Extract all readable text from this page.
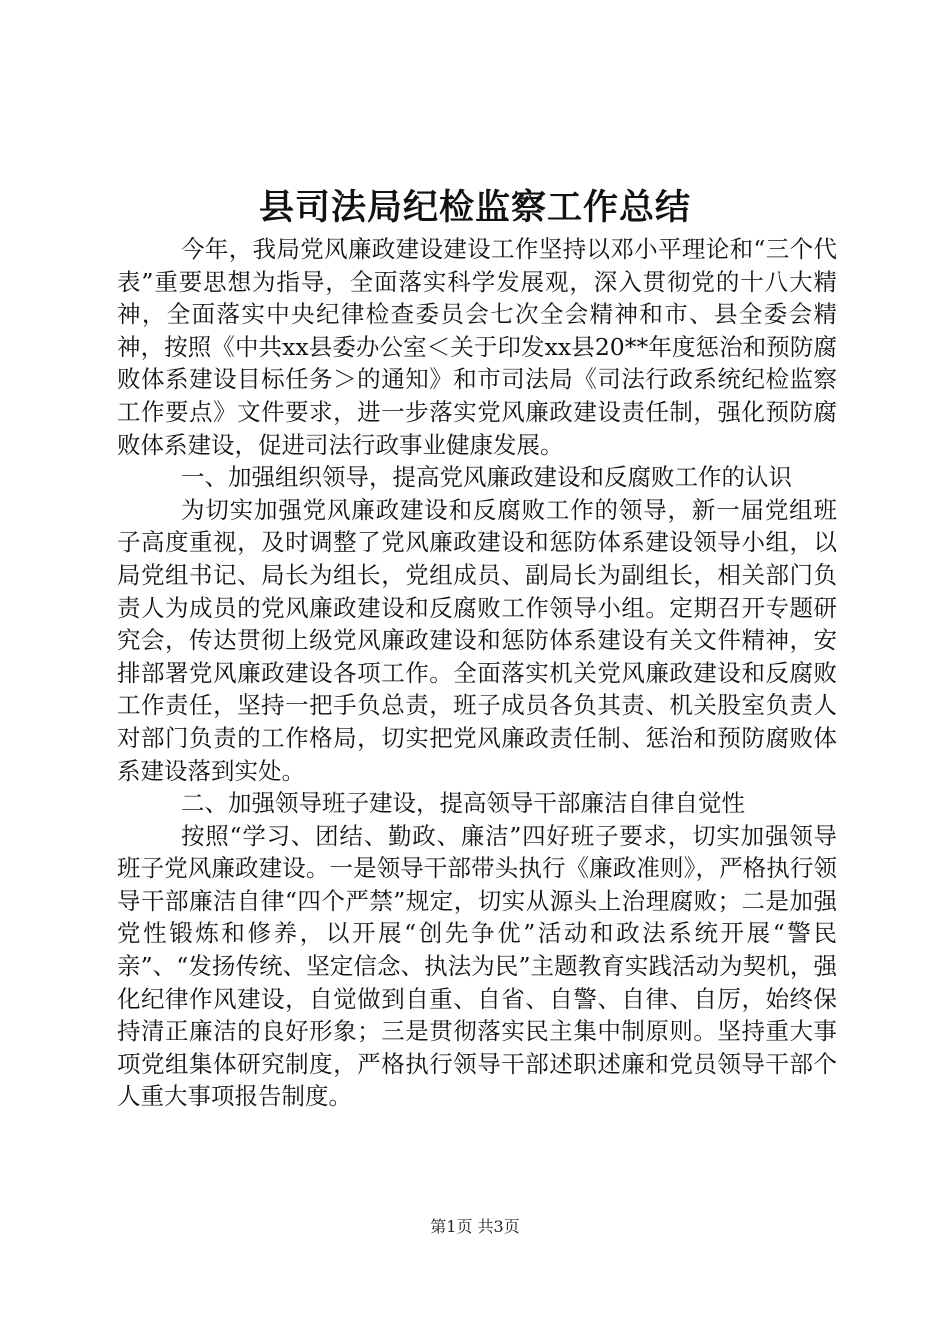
县司法局纪检监察工作总结

今年，我局党风廉政建设建设工作坚持以邓小平理论和“三个代表”重要思想为指导，全面落实科学发展观，深入贯彻党的十八大精神，全面落实中央纪律检查委员会七次全会精神和市、县全委会精神，按照《中共xx县委办公室＜关于印发xx县20**年度惩治和预防腐败体系建设目标任务＞的通知》和市司法局《司法行政系统纪检监察工作要点》文件要求，进一步落实党风廉政建设责任制，强化预防腐败体系建设，促进司法行政事业健康发展。

一、加强组织领导，提高党风廉政建设和反腐败工作的认识

为切实加强党风廉政建设和反腐败工作的领导，新一届党组班子高度重视，及时调整了党风廉政建设和惩防体系建设领导小组，以局党组书记、局长为组长，党组成员、副局长为副组长，相关部门负责人为成员的党风廉政建设和反腐败工作领导小组。定期召开专题研究会，传达贯彻上级党风廉政建设和惩防体系建设有关文件精神，安排部署党风廉政建设各项工作。全面落实机关党风廉政建设和反腐败工作责任，坚持一把手负总责，班子成员各负其责、机关股室负责人对部门负责的工作格局，切实把党风廉政责任制、惩治和预防腐败体系建设落到实处。

二、加强领导班子建设，提高领导干部廉洁自律自觉性

按照“学习、团结、勤政、廉洁”四好班子要求，切实加强领导班子党风廉政建设。一是领导干部带头执行《廉政准则》，严格执行领导干部廉洁自律“四个严禁”规定，切实从源头上治理腐败；二是加强党性锻炼和修养，以开展“创先争优”活动和政法系统开展“警民亲”、“发扬传统、坚定信念、执法为民”主题教育实践活动为契机，强化纪律作风建设，自觉做到自重、自省、自警、自律、自厉，始终保持清正廉洁的良好形象；三是贯彻落实民主集中制原则。坚持重大事项党组集体研究制度，严格执行领导干部述职述廉和党员领导干部个人重大事项报告制度。

第1页 共3页
